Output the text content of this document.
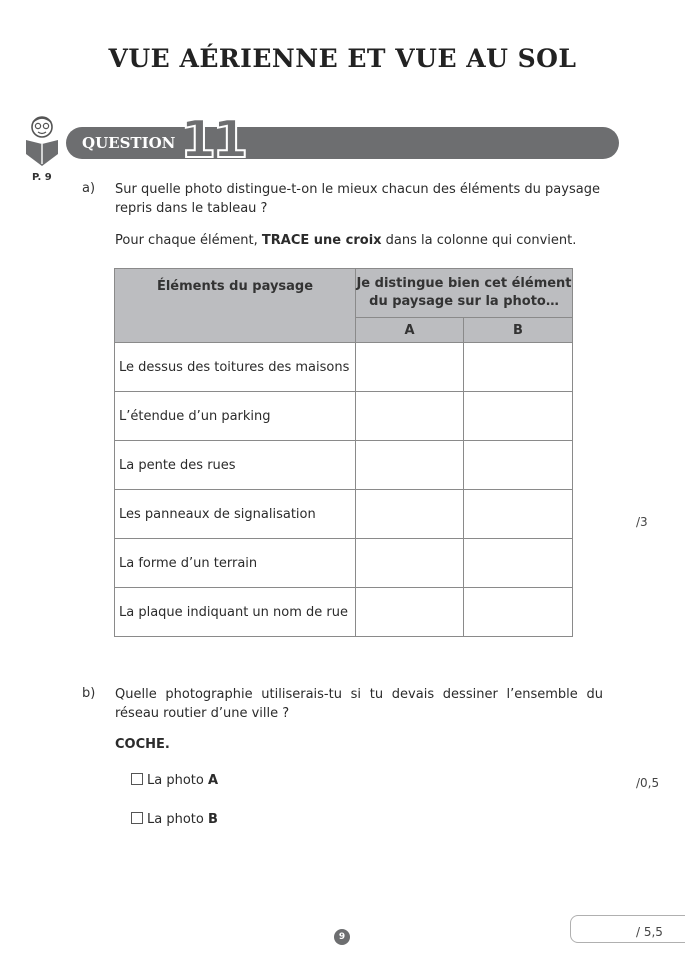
VUE AÉRIENNE ET VUE AU SOL
P. 9
QUESTION 11
a) Sur quelle photo distingue-t-on le mieux chacun des éléments du paysage repris dans le tableau ?
Pour chaque élément, TRACE une croix dans la colonne qui convient.
Éléments du paysage	Je distingue bien cet élément du paysage sur la photo…	
	A	B
Le dessus des toitures des maisons		
L’étendue d’un parking		
La pente des rues		
Les panneaux de signalisation		
La forme d’un terrain		
La plaque indiquant un nom de rue		
/3
b) Quelle photographie utiliserais-tu si tu devais dessiner l’ensemble du réseau routier d’une ville ?
COCHE.
La photo A
La photo B
/0,5
/ 5,5
9
